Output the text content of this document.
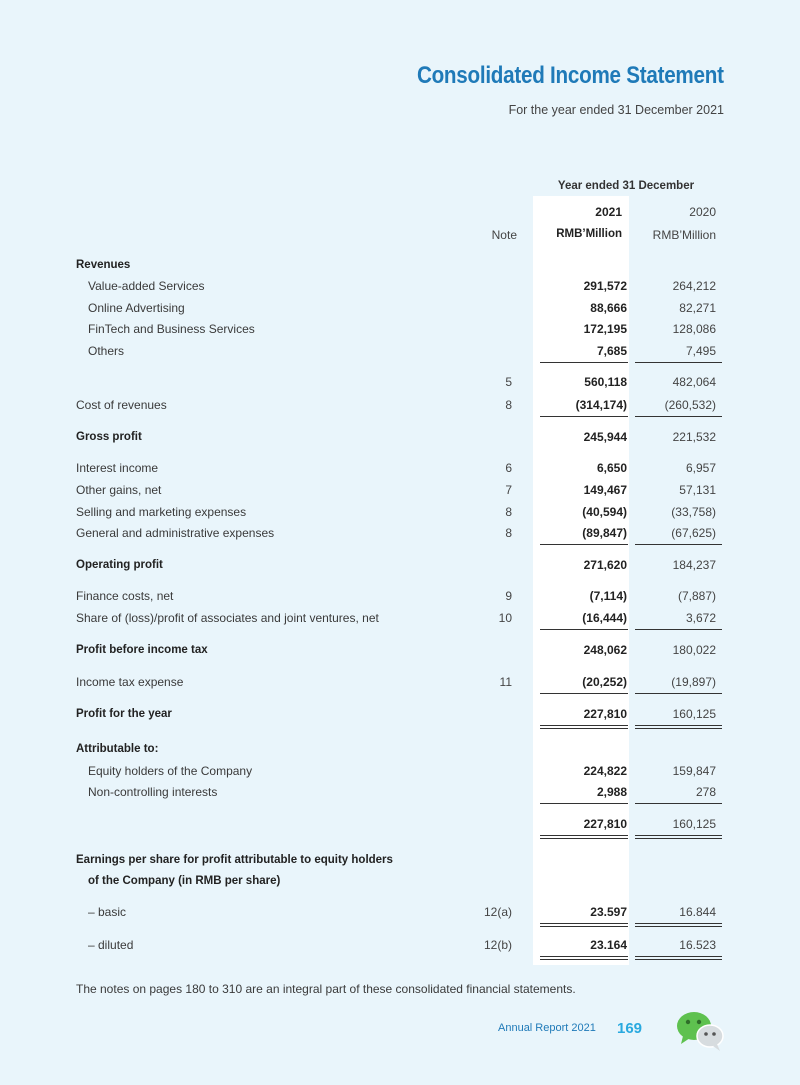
Consolidated Income Statement
For the year ended 31 December 2021
Year ended 31 December
2021	2020
Note	RMB’Million	RMB’Million
Revenues
Value-added Services	291,572	264,212
Online Advertising	88,666	82,271
FinTech and Business Services	172,195	128,086
Others	7,685	7,495
5	560,118	482,064
Cost of revenues	8	(314,174)	(260,532)
Gross profit	245,944	221,532
Interest income	6	6,650	6,957
Other gains, net	7	149,467	57,131
Selling and marketing expenses	8	(40,594)	(33,758)
General and administrative expenses	8	(89,847)	(67,625)
Operating profit	271,620	184,237
Finance costs, net	9	(7,114)	(7,887)
Share of (loss)/profit of associates and joint ventures, net	10	(16,444)	3,672
Profit before income tax	248,062	180,022
Income tax expense	11	(20,252)	(19,897)
Profit for the year	227,810	160,125
Attributable to:
Equity holders of the Company	224,822	159,847
Non-controlling interests	2,988	278
227,810	160,125
Earnings per share for profit attributable to equity holders
of the Company (in RMB per share)
– basic	12(a)	23.597	16.844
– diluted	12(b)	23.164	16.523
The notes on pages 180 to 310 are an integral part of these consolidated financial statements.
Annual Report 2021 169
